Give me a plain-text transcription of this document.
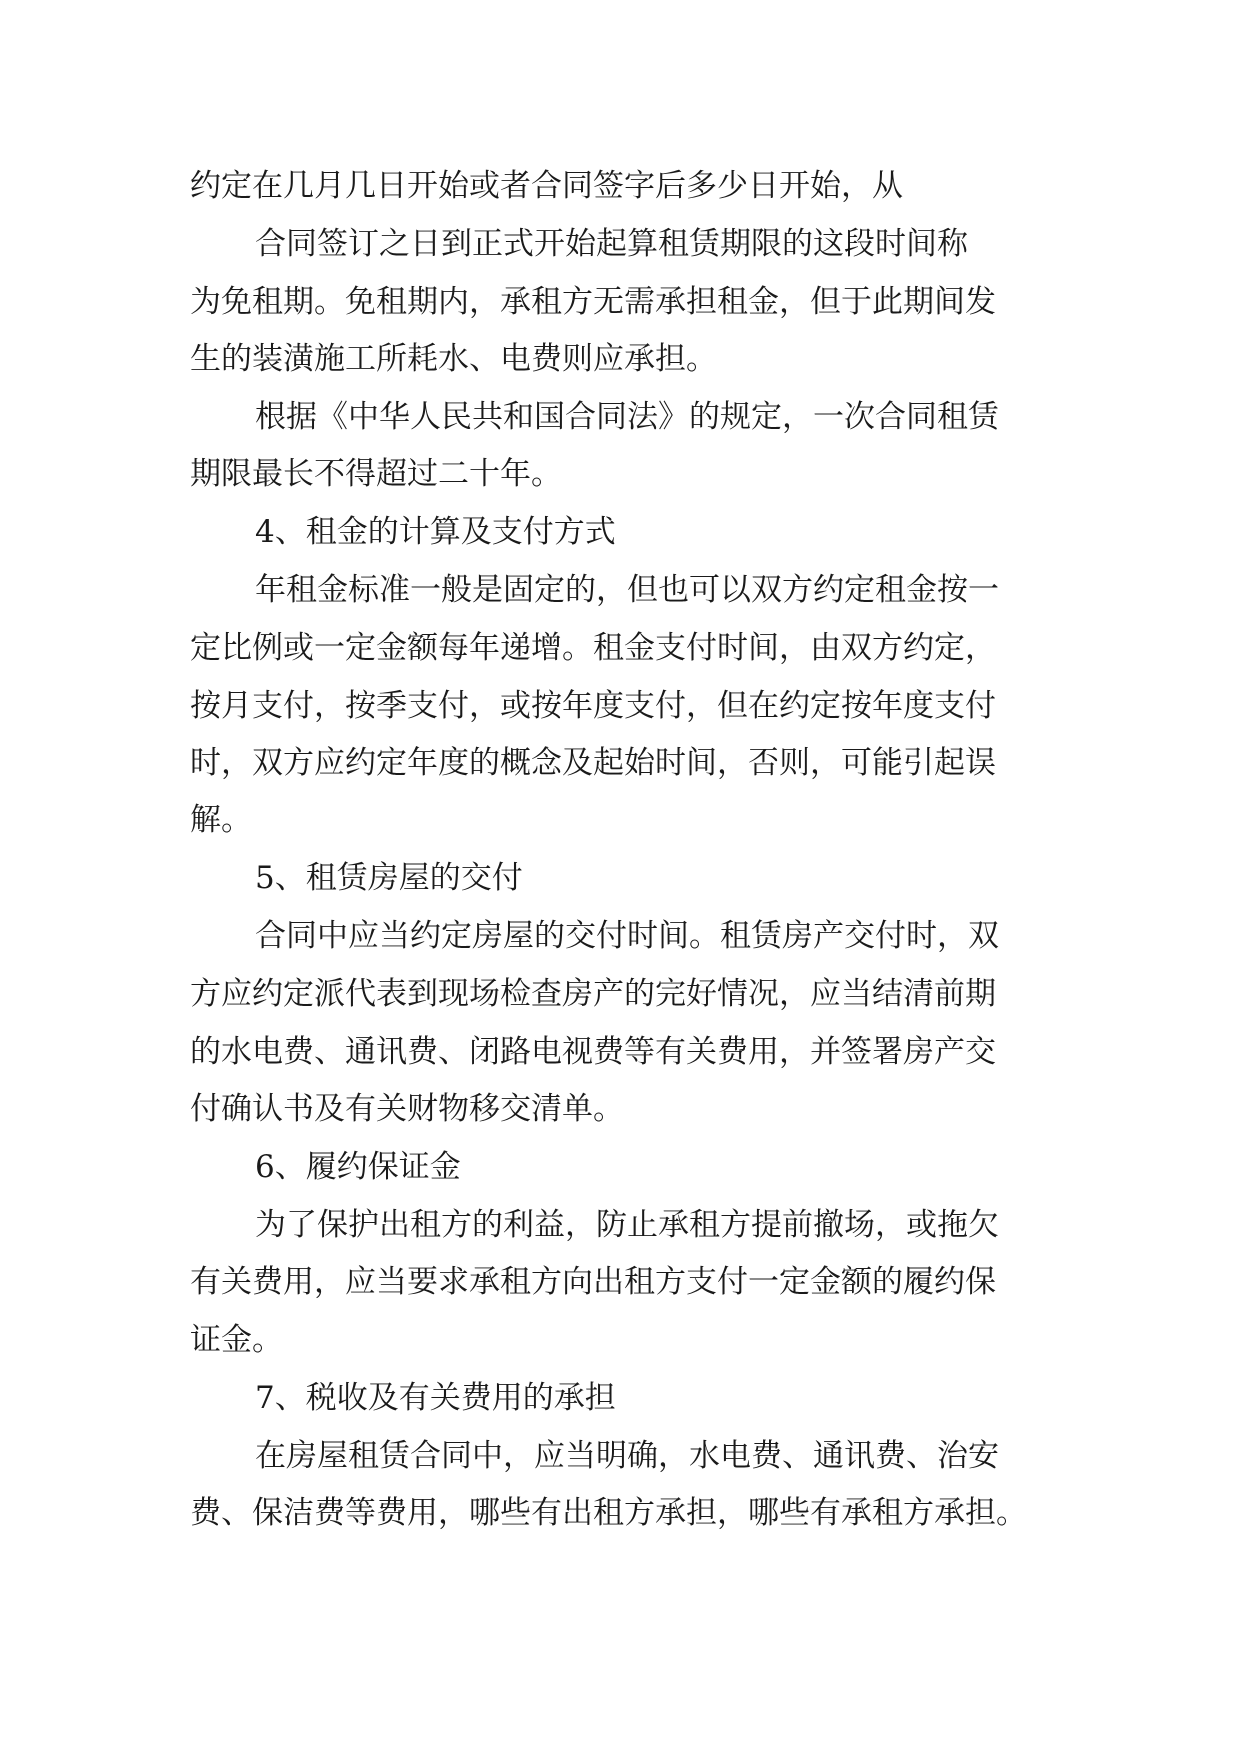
约定在几月几日开始或者合同签字后多少日开始，从
合同签订之日到正式开始起算租赁期限的这段时间称
为免租期。免租期内，承租方无需承担租金，但于此期间发
生的装潢施工所耗水、电费则应承担。
根据《中华人民共和国合同法》的规定，一次合同租赁
期限最长不得超过二十年。
4、租金的计算及支付方式
年租金标准一般是固定的，但也可以双方约定租金按一
定比例或一定金额每年递增。租金支付时间，由双方约定，
按月支付，按季支付，或按年度支付，但在约定按年度支付
时，双方应约定年度的概念及起始时间，否则，可能引起误
解。
5、租赁房屋的交付
合同中应当约定房屋的交付时间。租赁房产交付时，双
方应约定派代表到现场检查房产的完好情况，应当结清前期
的水电费、通讯费、闭路电视费等有关费用，并签署房产交
付确认书及有关财物移交清单。
6、履约保证金
为了保护出租方的利益，防止承租方提前撤场，或拖欠
有关费用，应当要求承租方向出租方支付一定金额的履约保
证金。
7、税收及有关费用的承担
在房屋租赁合同中，应当明确，水电费、通讯费、治安
费、保洁费等费用，哪些有出租方承担，哪些有承租方承担。
